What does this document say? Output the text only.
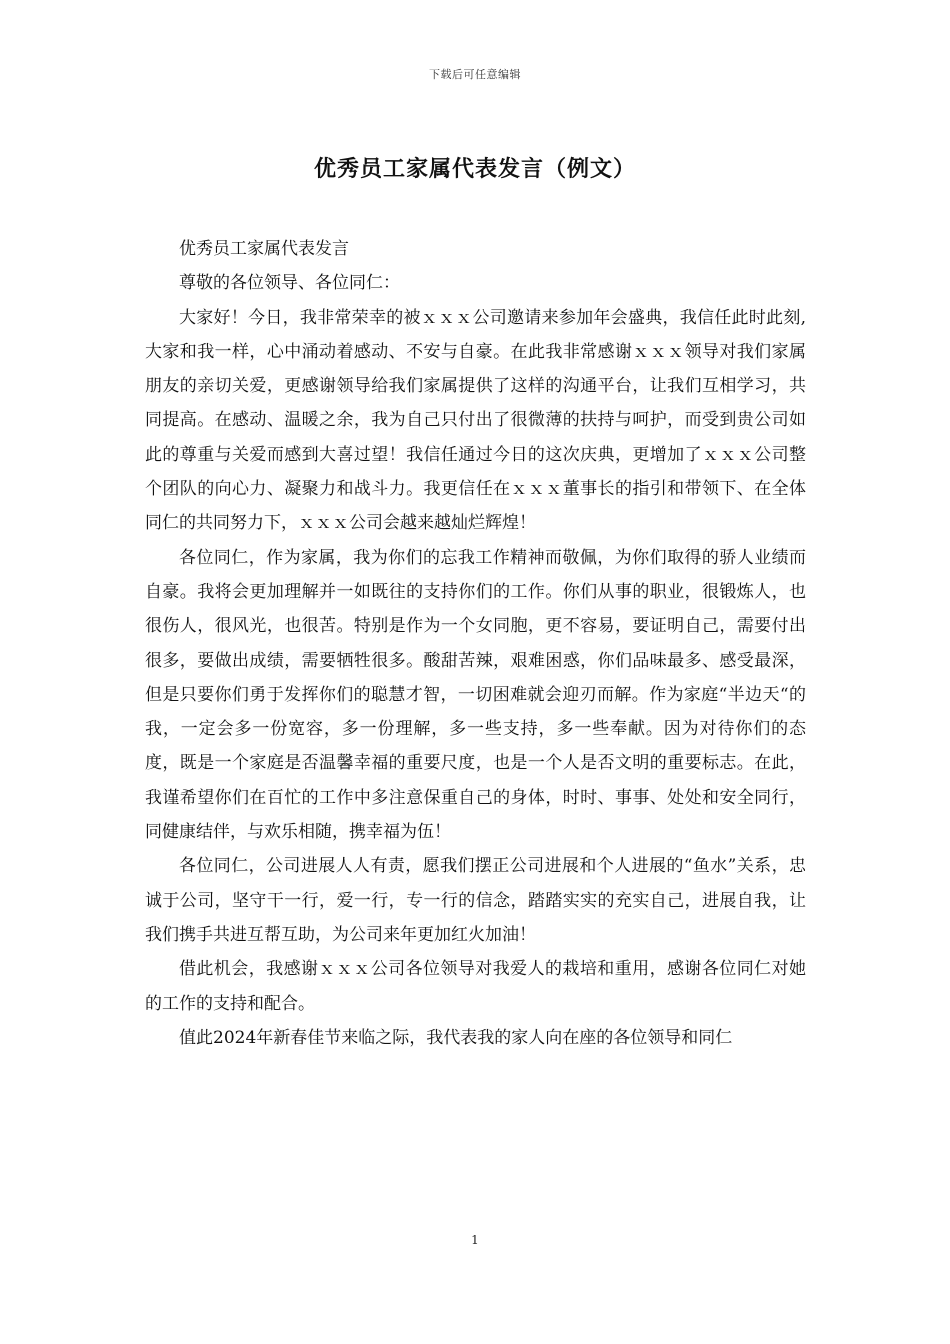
下载后可任意编辑
优秀员工家属代表发言（例文）

优秀员工家属代表发言

尊敬的各位领导、各位同仁：

大家好！今日，我非常荣幸的被ｘｘｘ公司邀请来参加年会盛典，我信任此时此刻,大家和我一样，心中涌动着感动、不安与自豪。在此我非常感谢ｘｘｘ领导对我们家属朋友的亲切关爱，更感谢领导给我们家属提供了这样的沟通平台，让我们互相学习，共同提高。在感动、温暖之余，我为自己只付出了很微薄的扶持与呵护，而受到贵公司如此的尊重与关爱而感到大喜过望！我信任通过今日的这次庆典，更增加了ｘｘｘ公司整个团队的向心力、凝聚力和战斗力。我更信任在ｘｘｘ董事长的指引和带领下、在全体同仁的共同努力下，ｘｘｘ公司会越来越灿烂辉煌！

各位同仁，作为家属，我为你们的忘我工作精神而敬佩，为你们取得的骄人业绩而自豪。我将会更加理解并一如既往的支持你们的工作。你们从事的职业，很锻炼人，也很伤人，很风光，也很苦。特别是作为一个女同胞，更不容易，要证明自己，需要付出很多，要做出成绩，需要牺牲很多。酸甜苦辣，艰难困惑，你们品味最多、感受最深，但是只要你们勇于发挥你们的聪慧才智，一切困难就会迎刃而解。作为家庭“半边天“的我，一定会多一份宽容，多一份理解，多一些支持，多一些奉献。因为对待你们的态度，既是一个家庭是否温馨幸福的重要尺度，也是一个人是否文明的重要标志。在此，我谨希望你们在百忙的工作中多注意保重自己的身体，时时、事事、处处和安全同行，同健康结伴，与欢乐相随，携幸福为伍！

各位同仁，公司进展人人有责，愿我们摆正公司进展和个人进展的“鱼水”关系，忠诚于公司，坚守干一行，爱一行，专一行的信念，踏踏实实的充实自己，进展自我，让我们携手共进互帮互助，为公司来年更加红火加油！

借此机会，我感谢ｘｘｘ公司各位领导对我爱人的栽培和重用，感谢各位同仁对她的工作的支持和配合。

值此2024年新春佳节来临之际，我代表我的家人向在座的各位领导和同仁

1
